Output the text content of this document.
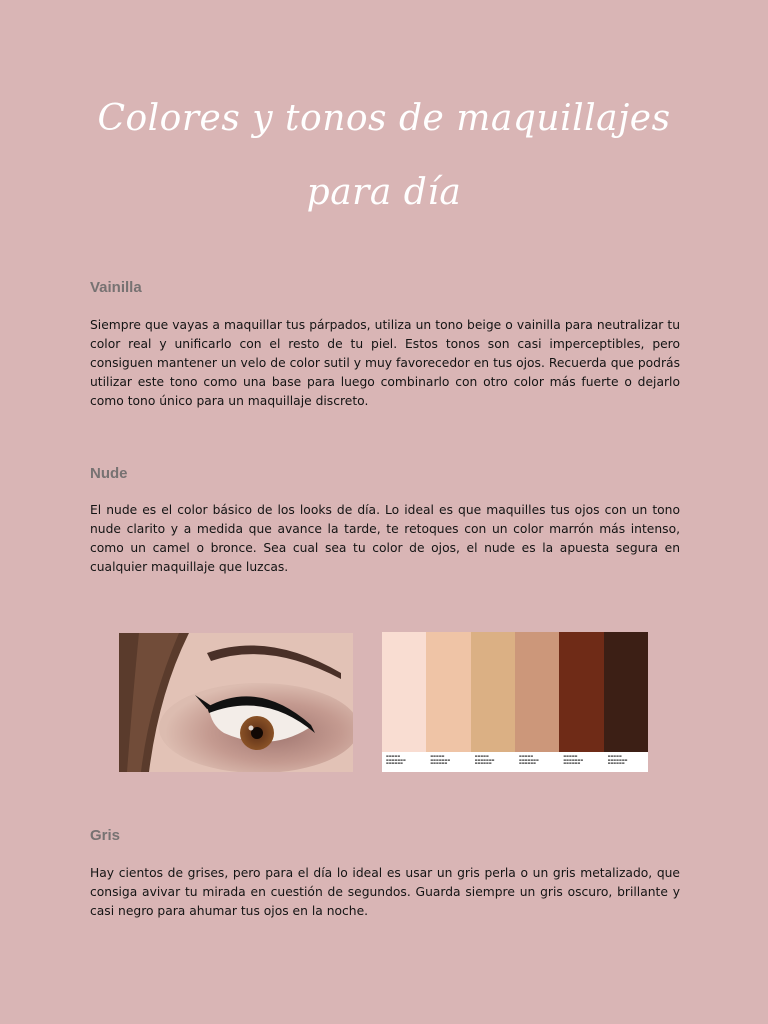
Colores y tonos de maquillajes
para día
Vainilla
Siempre que vayas a maquillar tus párpados, utiliza un tono beige o vainilla para neutralizar tu color real y unificarlo con el resto de tu piel. Estos tonos son casi imperceptibles, pero consiguen mantener un velo de color sutil y muy favorecedor en tus ojos. Recuerda que podrás utilizar este tono como una base para luego combinarlo con otro color más fuerte o dejarlo como tono único para un maquillaje discreto.
Nude
El nude es el color básico de los looks de día. Lo ideal es que maquilles tus ojos con un tono nude clarito y a medida que avance la tarde, te retoques con un color marrón más intenso, como un camel o bronce. Sea cual sea tu color de ojos, el nude es la apuesta segura en cualquier maquillaje que luzcas.
▬▬▬▬▬
▬▬▬▬▬▬▬
▬▬▬▬▬▬
▬▬▬▬▬
▬▬▬▬▬▬▬
▬▬▬▬▬▬
▬▬▬▬▬
▬▬▬▬▬▬▬
▬▬▬▬▬▬
▬▬▬▬▬
▬▬▬▬▬▬▬
▬▬▬▬▬▬
▬▬▬▬▬
▬▬▬▬▬▬▬
▬▬▬▬▬▬
▬▬▬▬▬
▬▬▬▬▬▬▬
▬▬▬▬▬▬
Gris
Hay cientos de grises, pero para el día lo ideal es usar un gris perla o un gris metalizado, que consiga avivar tu mirada en cuestión de segundos. Guarda siempre un gris oscuro, brillante y casi negro para ahumar tus ojos en la noche.
